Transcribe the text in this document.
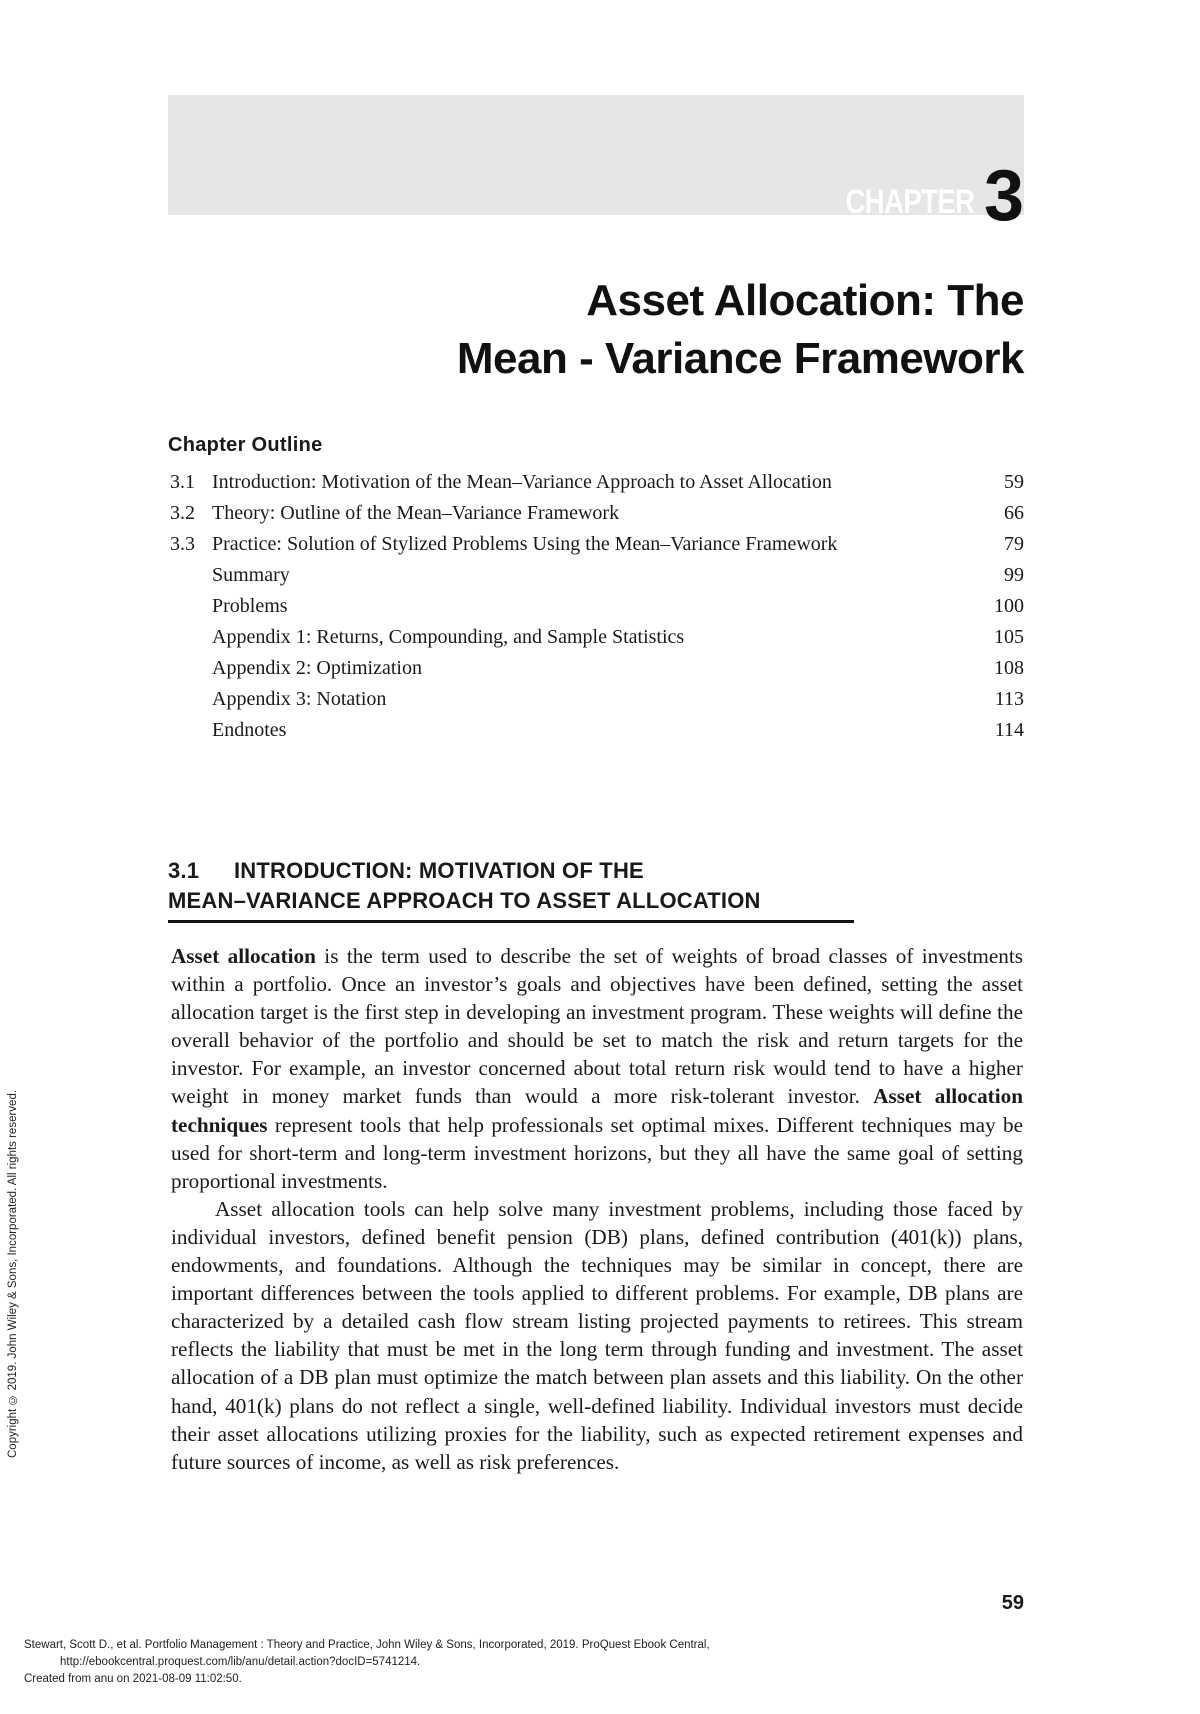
CHAPTER 3
Asset Allocation: The
Mean - Variance Framework
Chapter Outline
3.1 Introduction: Motivation of the Mean–Variance Approach to Asset Allocation	59
3.2 Theory: Outline of the Mean–Variance Framework	66
3.3 Practice: Solution of Stylized Problems Using the Mean–Variance Framework	79
Summary	99
Problems	100
Appendix 1: Returns, Compounding, and Sample Statistics	105
Appendix 2: Optimization	108
Appendix 3: Notation	113
Endnotes	114
3.1 INTRODUCTION: MOTIVATION OF THE
MEAN–VARIANCE APPROACH TO ASSET ALLOCATION

Asset allocation is the term used to describe the set of weights of broad classes of investments within a portfolio. Once an investor’s goals and objectives have been defined, setting the asset allocation target is the first step in developing an investment program. These weights will define the overall behavior of the portfolio and should be set to match the risk and return targets for the investor. For example, an investor concerned about total return risk would tend to have a higher weight in money market funds than would a more risk-tolerant investor. Asset allocation techniques represent tools that help professionals set optimal mixes. Different techniques may be used for short-term and long-term investment horizons, but they all have the same goal of setting proportional investments.

Asset allocation tools can help solve many investment problems, including those faced by individual investors, defined benefit pension (DB) plans, defined contribution (401(k)) plans, endowments, and foundations. Although the techniques may be similar in concept, there are important differences between the tools applied to different problems. For example, DB plans are characterized by a detailed cash flow stream listing projected payments to retirees. This stream reflects the liability that must be met in the long term through funding and investment. The asset allocation of a DB plan must optimize the match between plan assets and this liability. On the other hand, 401(k) plans do not reflect a single, well-defined liability. Individual investors must decide their asset allocations utilizing proxies for the liability, such as expected retirement expenses and future sources of income, as well as risk preferences.

Copyright © 2019. John Wiley & Sons, Incorporated. All rights reserved.
59
Stewart, Scott D., et al. Portfolio Management : Theory and Practice, John Wiley & Sons, Incorporated, 2019. ProQuest Ebook Central,
http://ebookcentral.proquest.com/lib/anu/detail.action?docID=5741214.
Created from anu on 2021-08-09 11:02:50.
